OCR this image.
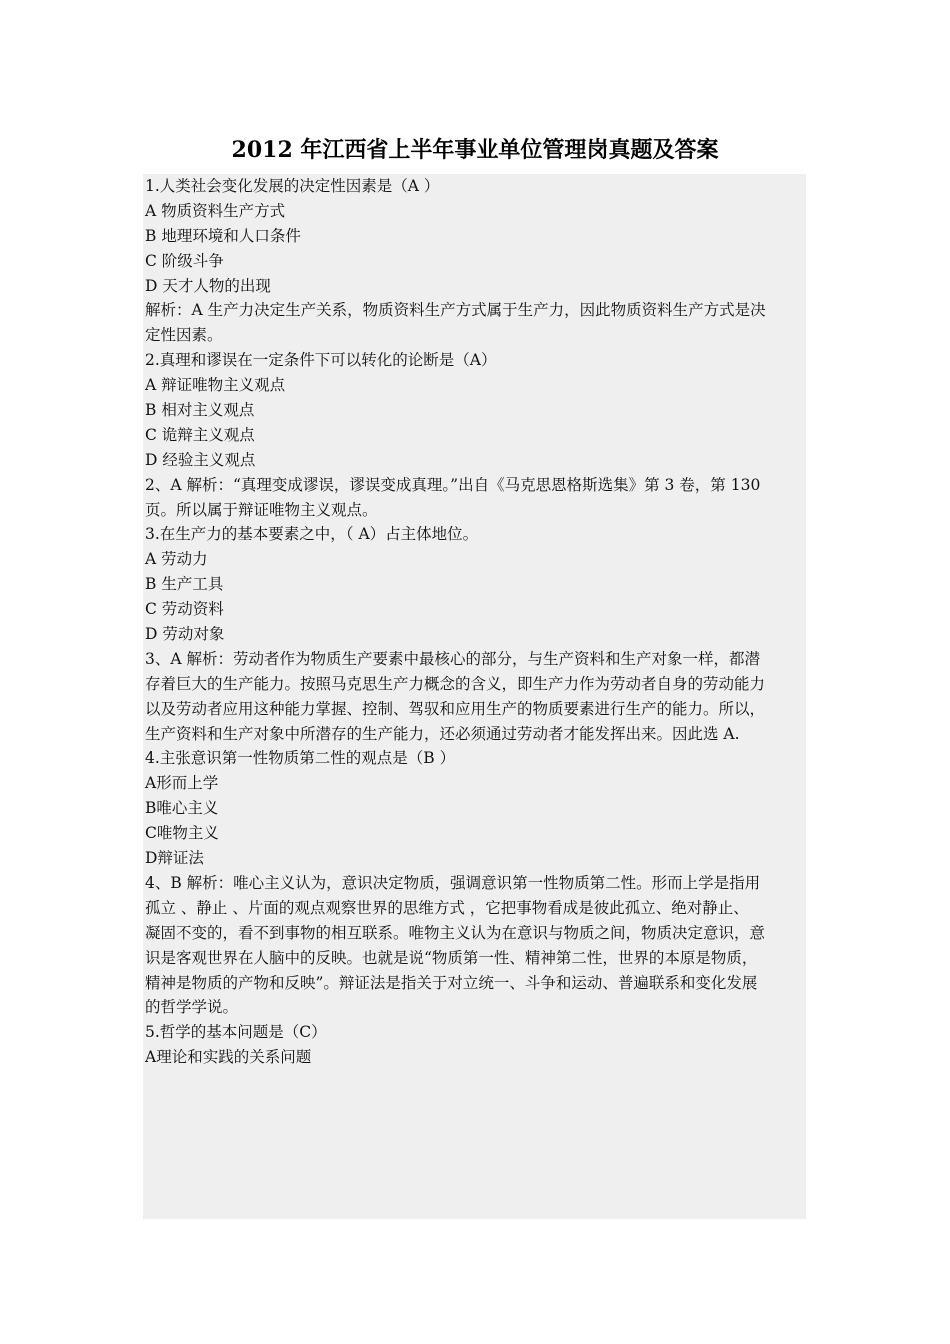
2012 年江西省上半年事业单位管理岗真题及答案
1.人类社会变化发展的决定性因素是（A ）
A 物质资料生产方式
B 地理环境和人口条件
C 阶级斗争
D 天才人物的出现
解析：A 生产力决定生产关系，物质资料生产方式属于生产力，因此物质资料生产方式是决
定性因素。
2.真理和谬误在一定条件下可以转化的论断是（A）
A 辩证唯物主义观点
B 相对主义观点
C 诡辩主义观点
D 经验主义观点
2、A 解析：“真理变成谬误，谬误变成真理。”出自《马克思恩格斯选集》第 3 卷，第 130
页。所以属于辩证唯物主义观点。
3.在生产力的基本要素之中，（ A）占主体地位。
A 劳动力
B 生产工具
C 劳动资料
D 劳动对象
3、A 解析：劳动者作为物质生产要素中最核心的部分，与生产资料和生产对象一样，都潜
存着巨大的生产能力。按照马克思生产力概念的含义，即生产力作为劳动者自身的劳动能力
以及劳动者应用这种能力掌握、控制、驾驭和应用生产的物质要素进行生产的能力。所以，
生产资料和生产对象中所潜存的生产能力，还必须通过劳动者才能发挥出来。因此选 A.
4.主张意识第一性物质第二性的观点是（B ）
A形而上学
B唯心主义
C唯物主义
D辩证法
4、B 解析：唯心主义认为，意识决定物质，强调意识第一性物质第二性。形而上学是指用
孤立 、静止 、片面的观点观察世界的思维方式 ，它把事物看成是彼此孤立、绝对静止、
凝固不变的，看不到事物的相互联系。唯物主义认为在意识与物质之间，物质决定意识，意
识是客观世界在人脑中的反映。也就是说“物质第一性、精神第二性，世界的本原是物质，
精神是物质的产物和反映”。辩证法是指关于对立统一、斗争和运动、普遍联系和变化发展
的哲学学说。
5.哲学的基本问题是（C）
A理论和实践的关系问题
